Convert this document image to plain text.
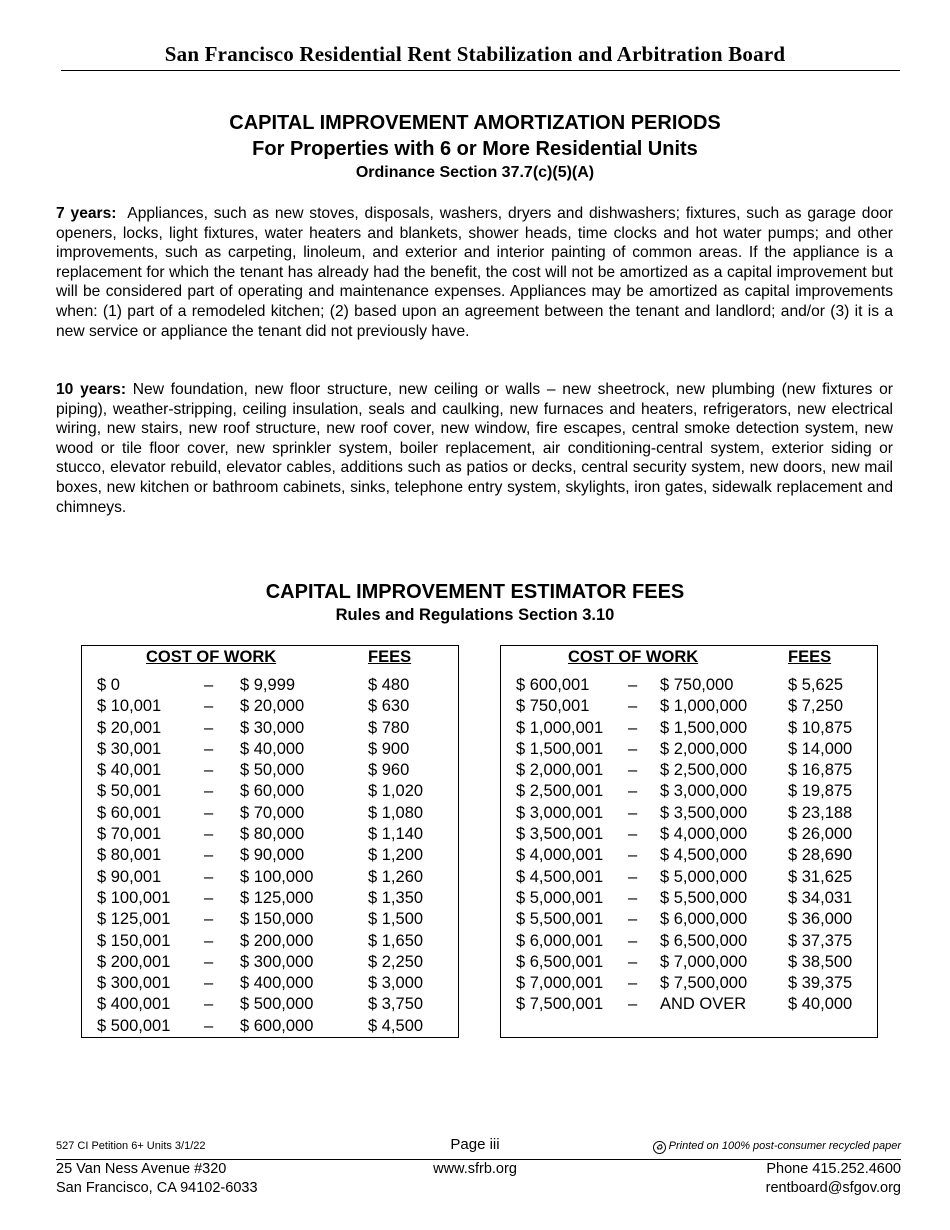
San Francisco Residential Rent Stabilization and Arbitration Board
CAPITAL IMPROVEMENT AMORTIZATION PERIODS
For Properties with 6 or More Residential Units
Ordinance Section 37.7(c)(5)(A)
7 years: Appliances, such as new stoves, disposals, washers, dryers and dishwashers; fixtures, such as garage door openers, locks, light fixtures, water heaters and blankets, shower heads, time clocks and hot water pumps; and other improvements, such as carpeting, linoleum, and exterior and interior painting of common areas. If the appliance is a replacement for which the tenant has already had the benefit, the cost will not be amortized as a capital improvement but will be considered part of operating and maintenance expenses. Appliances may be amortized as capital improvements when: (1) part of a remodeled kitchen; (2) based upon an agreement between the tenant and landlord; and/or (3) it is a new service or appliance the tenant did not previously have.
10 years: New foundation, new floor structure, new ceiling or walls – new sheetrock, new plumbing (new fixtures or piping), weather-stripping, ceiling insulation, seals and caulking, new furnaces and heaters, refrigerators, new electrical wiring, new stairs, new roof structure, new roof cover, new window, fire escapes, central smoke detection system, new wood or tile floor cover, new sprinkler system, boiler replacement, air conditioning-central system, exterior siding or stucco, elevator rebuild, elevator cables, additions such as patios or decks, central security system, new doors, new mail boxes, new kitchen or bathroom cabinets, sinks, telephone entry system, skylights, iron gates, sidewalk replacement and chimneys.
CAPITAL IMPROVEMENT ESTIMATOR FEES
Rules and Regulations Section 3.10
COST OF WORK	FEES
$ 0	– $ 9,999	$ 480
$ 10,001	– $ 20,000	$ 630
$ 20,001	– $ 30,000	$ 780
$ 30,001	– $ 40,000	$ 900
$ 40,001	– $ 50,000	$ 960
$ 50,001	– $ 60,000	$ 1,020
$ 60,001	– $ 70,000	$ 1,080
$ 70,001	– $ 80,000	$ 1,140
$ 80,001	– $ 90,000	$ 1,200
$ 90,001	– $ 100,000	$ 1,260
$ 100,001 – $ 125,000	$ 1,350
$ 125,001 – $ 150,000	$ 1,500
$ 150,001 – $ 200,000	$ 1,650
$ 200,001 – $ 300,000	$ 2,250
$ 300,001 – $ 400,000	$ 3,000
$ 400,001 – $ 500,000	$ 3,750
$ 500,001 – $ 600,000	$ 4,500
COST OF WORK	FEES
$ 600,001 – $ 750,000	$ 5,625
$ 750,001 – $ 1,000,000 $ 7,250
$ 1,000,001 – $ 1,500,000 $ 10,875
$ 1,500,001 – $ 2,000,000 $ 14,000
$ 2,000,001 – $ 2,500,000 $ 16,875
$ 2,500,001 – $ 3,000,000 $ 19,875
$ 3,000,001 – $ 3,500,000 $ 23,188
$ 3,500,001 – $ 4,000,000 $ 26,000
$ 4,000,001 – $ 4,500,000 $ 28,690
$ 4,500,001 – $ 5,000,000 $ 31,625
$ 5,000,001 – $ 5,500,000 $ 34,031
$ 5,500,001 – $ 6,000,000 $ 36,000
$ 6,000,001 – $ 6,500,000 $ 37,375
$ 6,500,001 – $ 7,000,000 $ 38,500
$ 7,000,001 – $ 7,500,000 $ 39,375
$ 7,500,001 – AND OVER	$ 40,000
527 CI Petition 6+ Units 3/1/22	Page iii	♻ Printed on 100% post-consumer recycled paper
25 Van Ness Avenue #320
San Francisco, CA 94102-6033
www.sfrb.org	Phone 415.252.4600
rentboard@sfgov.org
